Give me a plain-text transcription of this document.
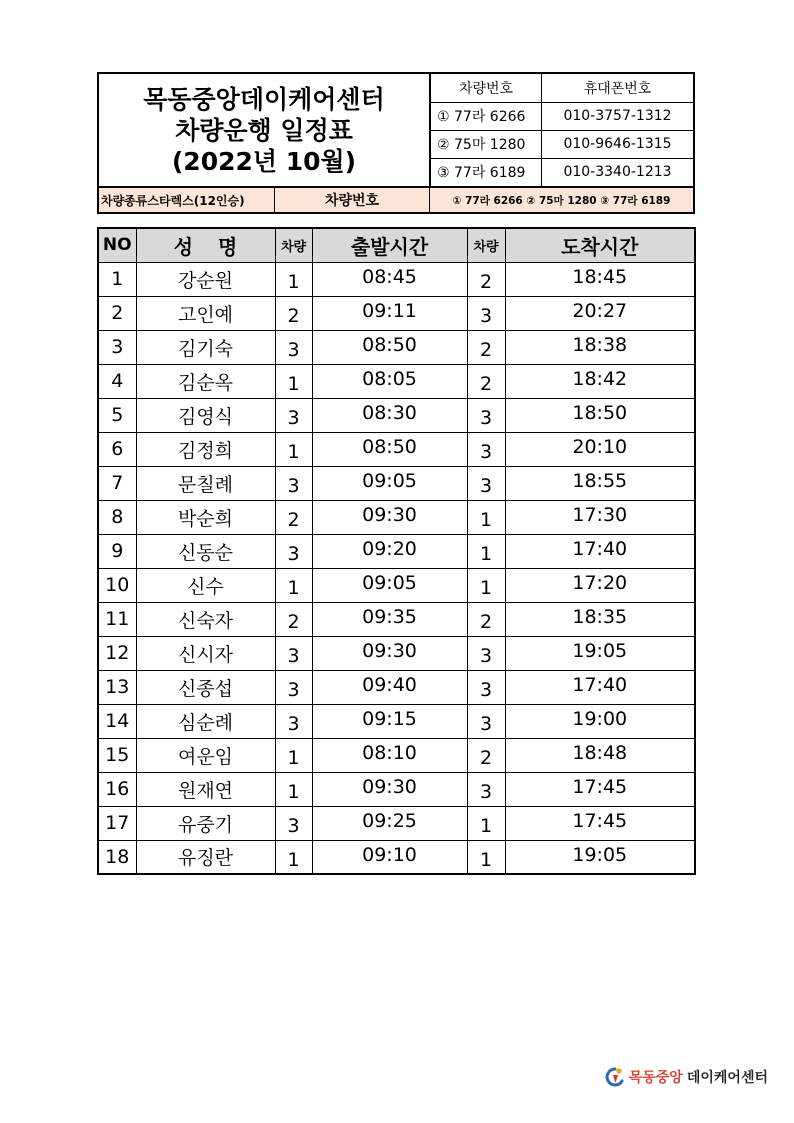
목동중앙데이케어센터
차량운행 일정표
(2022년 10월)
차량번호	휴대폰번호
① 77라 6266	010-3757-1312
② 75마 1280	010-9646-1315
③ 77라 6189	010-3340-1213
차량종류스타렉스(12인승)	차량번호	① 77라 6266 ② 75마 1280 ③ 77라 6189
NO	성 명	차량	출발시간	차량	도착시간
1	강순원	1	08:45	2	18:45
2	고인예	2	09:11	3	20:27
3	김기숙	3	08:50	2	18:38
4	김순옥	1	08:05	2	18:42
5	김영식	3	08:30	3	18:50
6	김정희	1	08:50	3	20:10
7	문칠례	3	09:05	3	18:55
8	박순희	2	09:30	1	17:30
9	신동순	3	09:20	1	17:40
10	신수	1	09:05	1	17:20
11	신숙자	2	09:35	2	18:35
12	신시자	3	09:30	3	19:05
13	신종섭	3	09:40	3	17:40
14	심순례	3	09:15	3	19:00
15	여운임	1	08:10	2	18:48
16	원재연	1	09:30	3	17:45
17	유중기	3	09:25	1	17:45
18	유징란	1	09:10	1	19:05
목동중앙 데이케어센터
